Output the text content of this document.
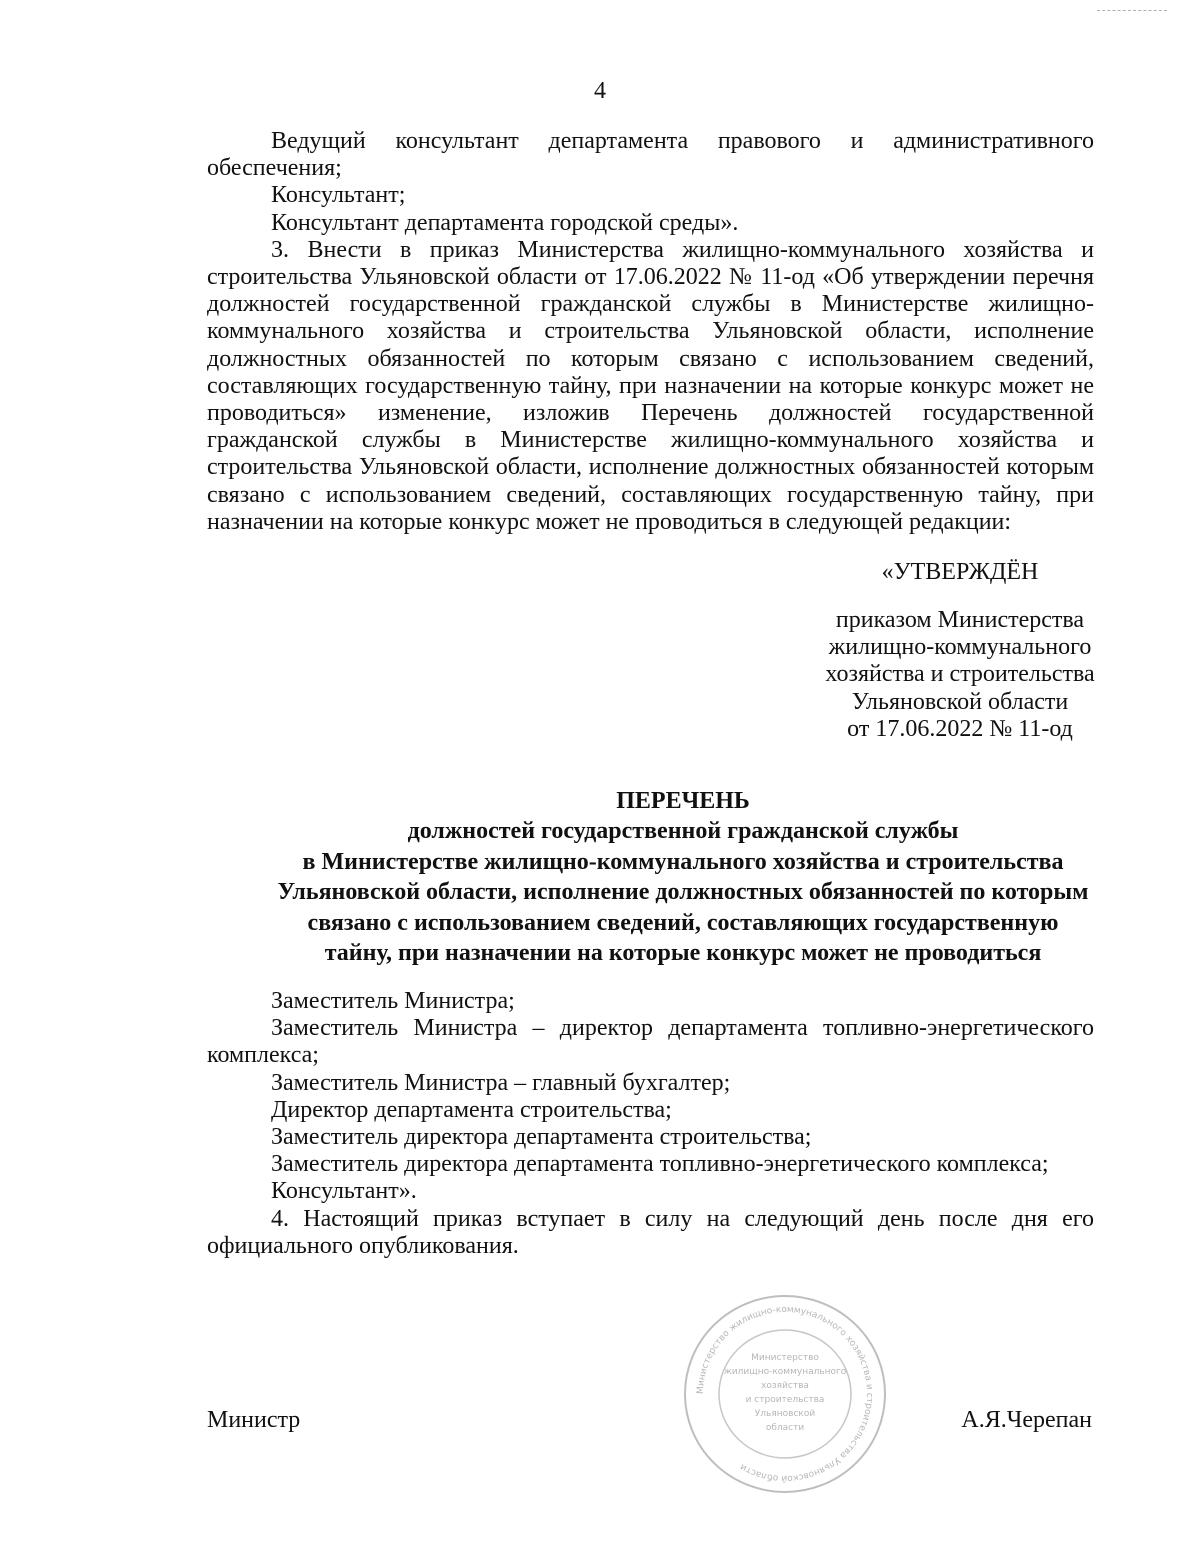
4

Ведущий консультант департамента правового и административного обеспечения;

Консультант;

Консультант департамента городской среды».

3. Внести в приказ Министерства жилищно-коммунального хозяйства и строительства Ульяновской области от 17.06.2022 № 11-од «Об утверждении перечня должностей государственной гражданской службы в Министерстве жилищно-коммунального хозяйства и строительства Ульяновской области, исполнение должностных обязанностей по которым связано с использованием сведений, составляющих государственную тайну, при назначении на которые конкурс может не проводиться» изменение, изложив Перечень должностей государственной гражданской службы в Министерстве жилищно-коммунального хозяйства и строительства Ульяновской области, исполнение должностных обязанностей которым связано с использованием сведений, составляющих государственную тайну, при назначении на которые конкурс может не проводиться в следующей редакции:

«УТВЕРЖДЁН
приказом Министерства
жилищно-коммунального
хозяйства и строительства
Ульяновской области
от 17.06.2022 № 11-од
ПЕРЕЧЕНЬ
должностей государственной гражданской службы
в Министерстве жилищно-коммунального хозяйства и строительства
Ульяновской области, исполнение должностных обязанностей по которым
связано с использованием сведений, составляющих государственную
тайну, при назначении на которые конкурс может не проводиться

Заместитель Министра;

Заместитель Министра – директор департамента топливно-энергетического комплекса;

Заместитель Министра – главный бухгалтер;

Директор департамента строительства;

Заместитель директора департамента строительства;

Заместитель директора департамента топливно-энергетического комплекса;

Консультант».

4. Настоящий приказ вступает в силу на следующий день после дня его официального опубликования.

Министр	А.Я.Черепан
Министерство жилищно-коммунального хозяйства и строительства Ульяновской области
Министерство
жилищно-коммунального
хозяйства
и строительства
Ульяновской
области
